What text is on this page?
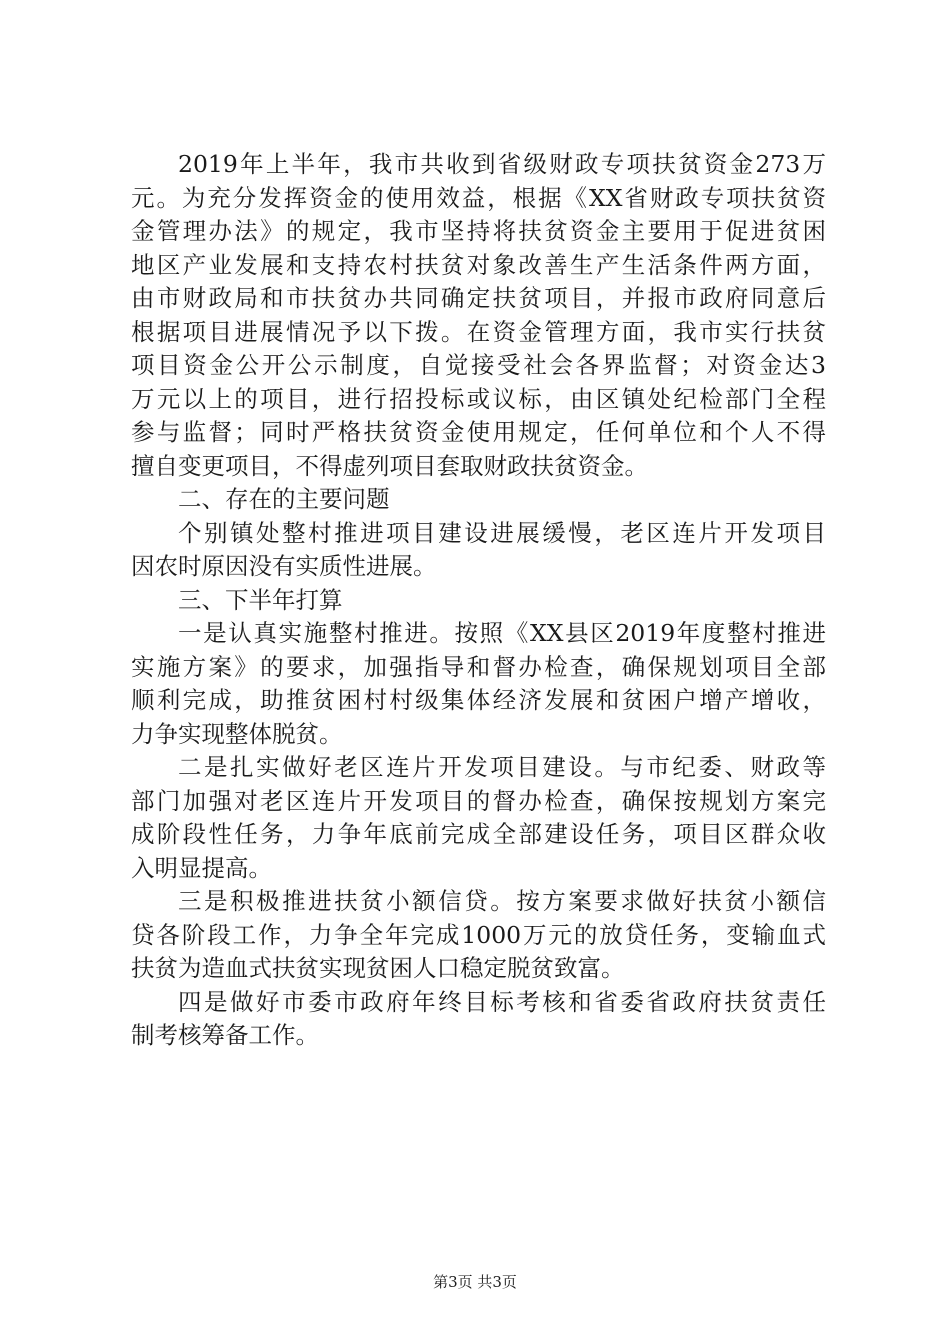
2019年上半年，我市共收到省级财政专项扶贫资金273万
元。为充分发挥资金的使用效益，根据《XX省财政专项扶贫资
金管理办法》的规定，我市坚持将扶贫资金主要用于促进贫困
地区产业发展和支持农村扶贫对象改善生产生活条件两方面，
由市财政局和市扶贫办共同确定扶贫项目，并报市政府同意后
根据项目进展情况予以下拨。在资金管理方面，我市实行扶贫
项目资金公开公示制度，自觉接受社会各界监督；对资金达3
万元以上的项目，进行招投标或议标，由区镇处纪检部门全程
参与监督；同时严格扶贫资金使用规定，任何单位和个人不得
擅自变更项目，不得虚列项目套取财政扶贫资金。
二、存在的主要问题
个别镇处整村推进项目建设进展缓慢，老区连片开发项目
因农时原因没有实质性进展。
三、下半年打算
一是认真实施整村推进。按照《XX县区2019年度整村推进
实施方案》的要求，加强指导和督办检查，确保规划项目全部
顺利完成，助推贫困村村级集体经济发展和贫困户增产增收，
力争实现整体脱贫。
二是扎实做好老区连片开发项目建设。与市纪委、财政等
部门加强对老区连片开发项目的督办检查，确保按规划方案完
成阶段性任务，力争年底前完成全部建设任务，项目区群众收
入明显提高。
三是积极推进扶贫小额信贷。按方案要求做好扶贫小额信
贷各阶段工作，力争全年完成1000万元的放贷任务，变输血式
扶贫为造血式扶贫实现贫困人口稳定脱贫致富。
四是做好市委市政府年终目标考核和省委省政府扶贫责任
制考核筹备工作。
第3页 共3页
